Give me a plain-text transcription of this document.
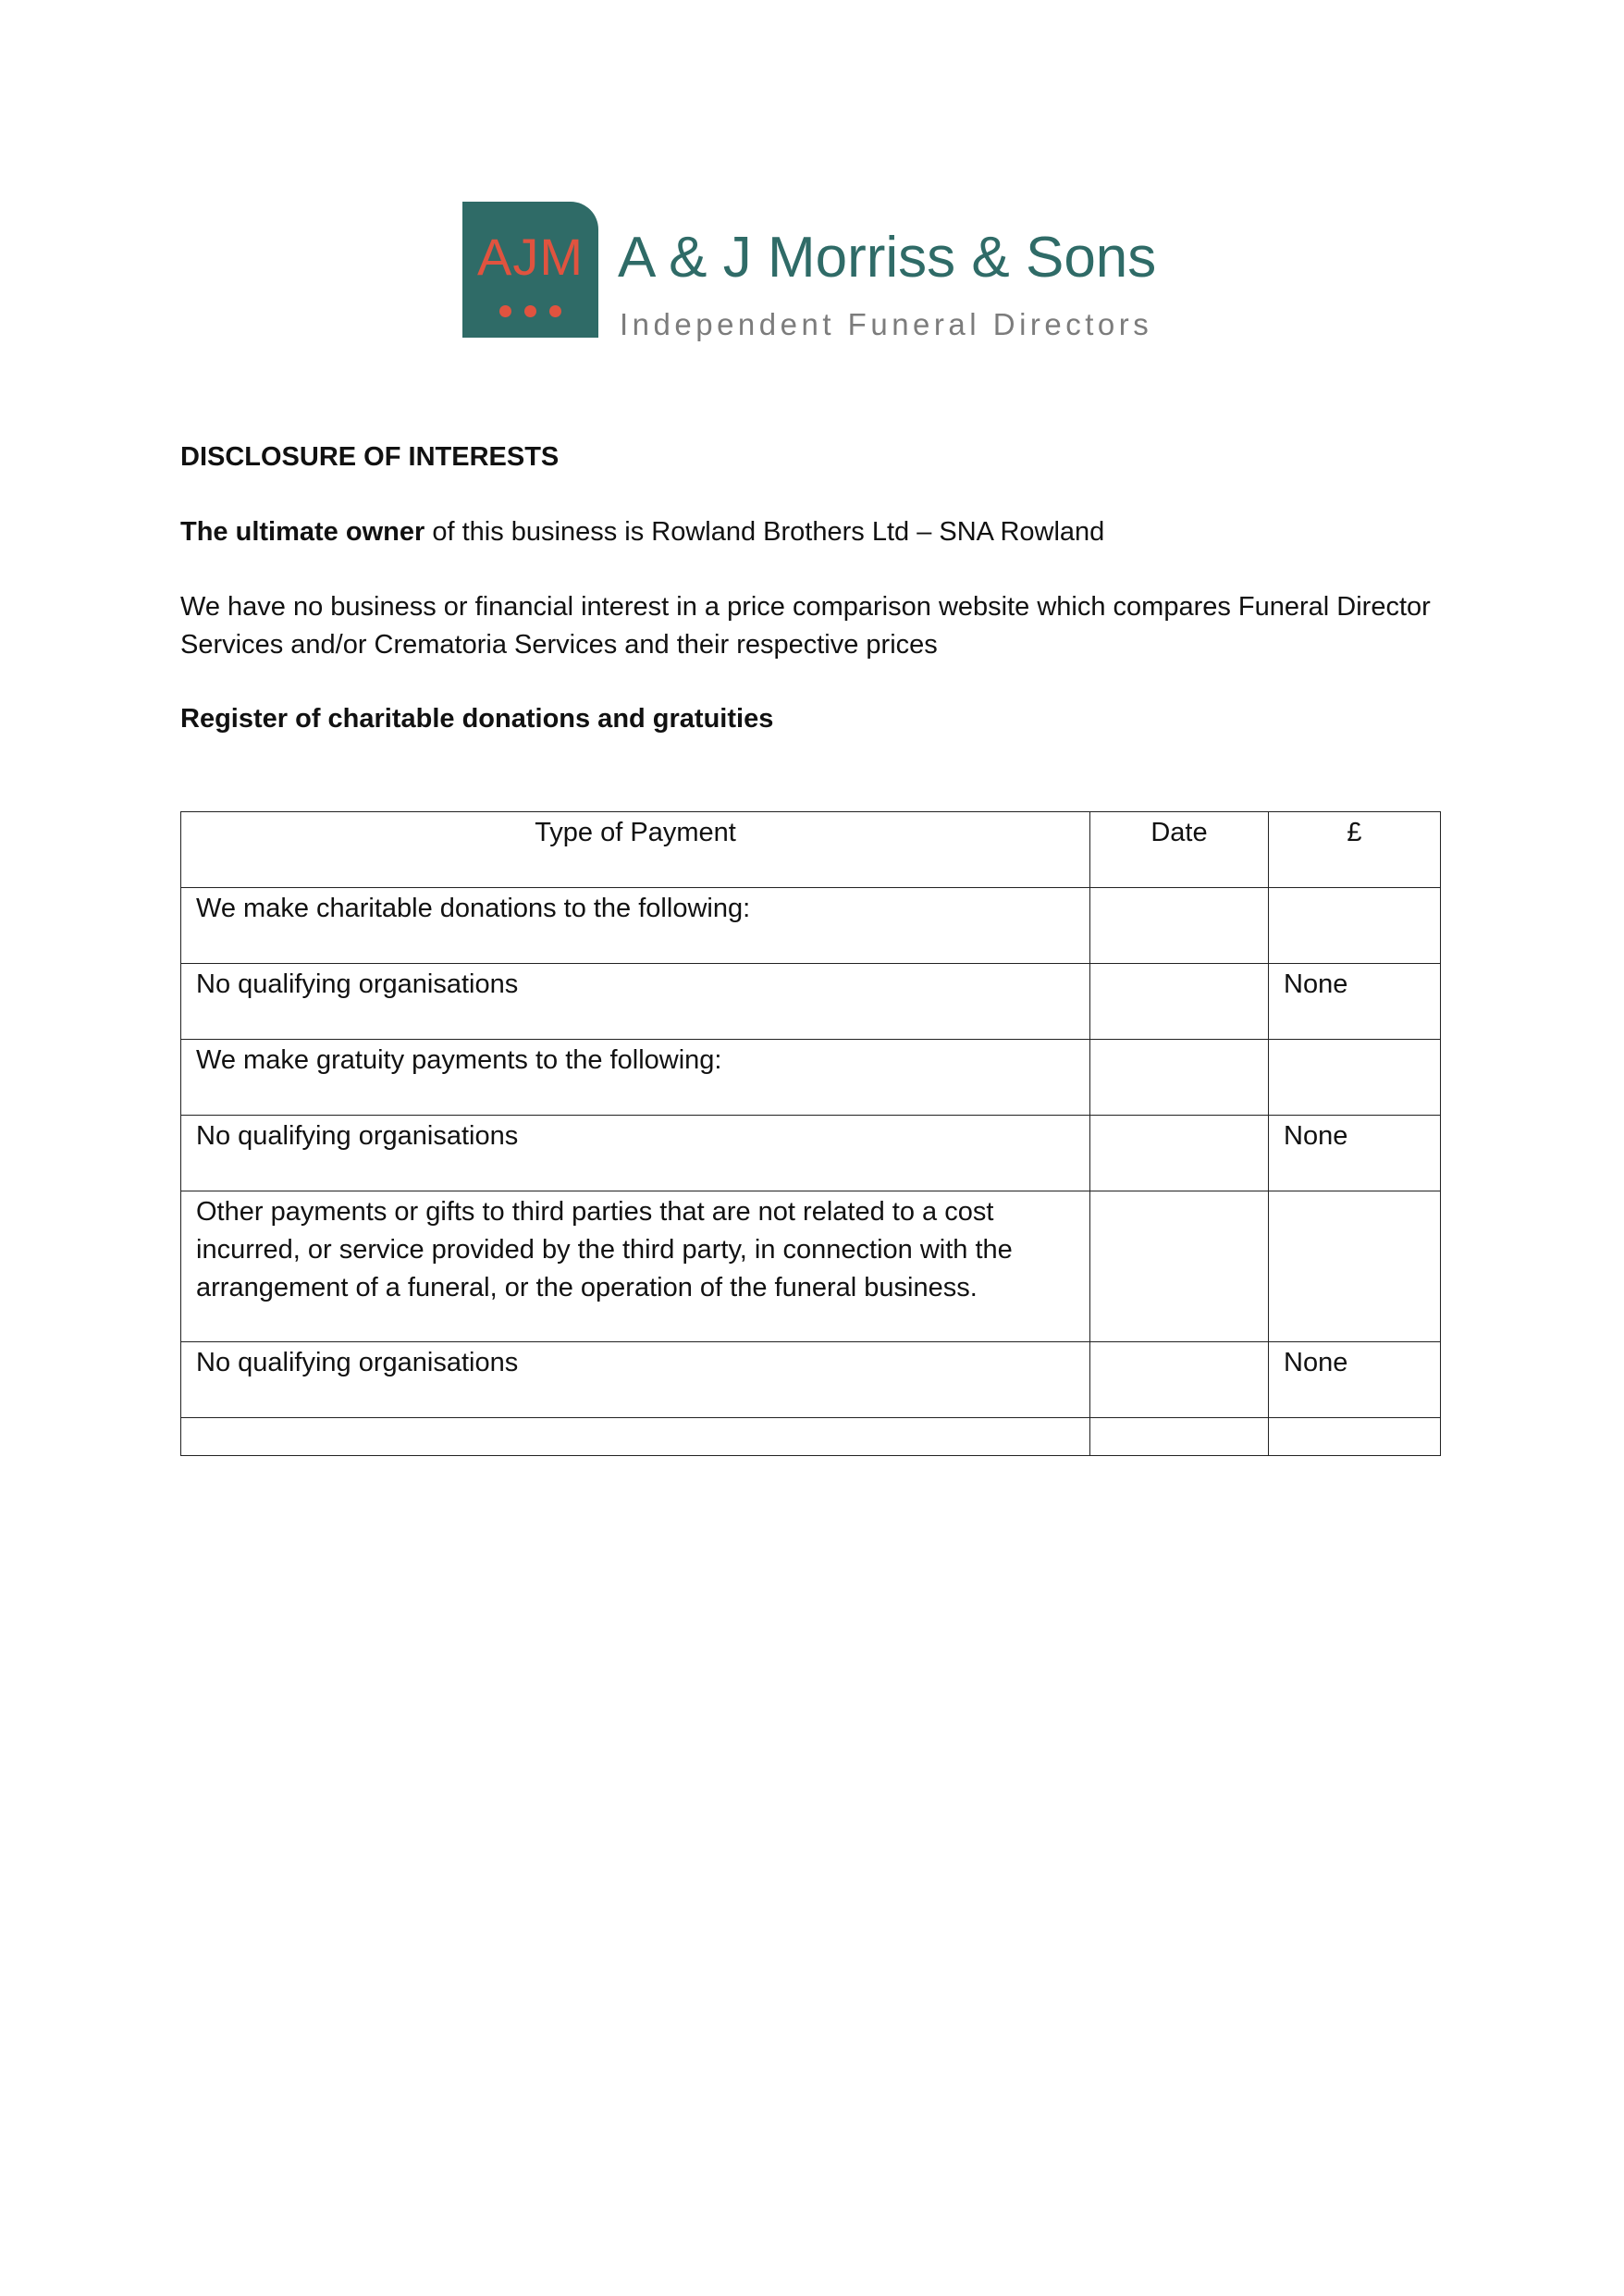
AJM A & J Morriss & Sons
Independent Funeral Directors
DISCLOSURE OF INTERESTS
The ultimate owner of this business is Rowland Brothers Ltd – SNA Rowland
We have no business or financial interest in a price comparison website which compares Funeral Director Services and/or Crematoria Services and their respective prices
Register of charitable donations and gratuities
Type of Payment	Date	£
We make charitable donations to the following:		
No qualifying organisations		None
We make gratuity payments to the following:		
No qualifying organisations		None
Other payments or gifts to third parties that are not related to a cost incurred, or service provided by the third party, in connection with the arrangement of a funeral, or the operation of the funeral business.		
No qualifying organisations		None
